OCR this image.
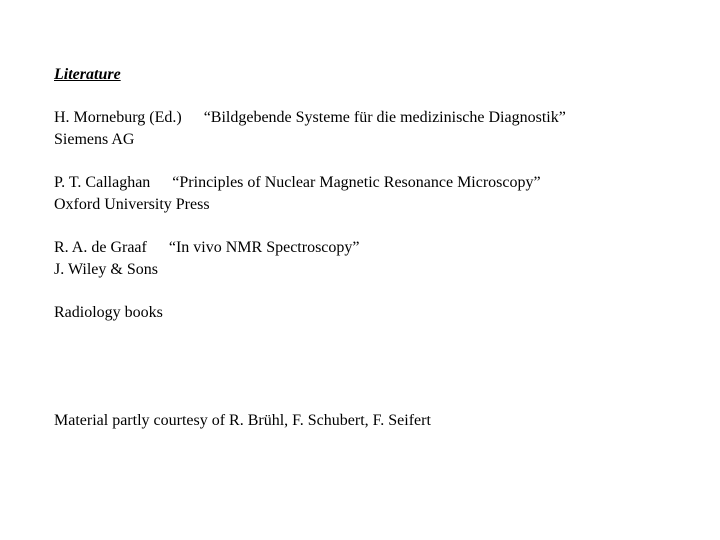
Literature
H. Morneburg (Ed.) “Bildgebende Systeme für die medizinische Diagnostik”
Siemens AG
P. T. Callaghan “Principles of Nuclear Magnetic Resonance Microscopy”
Oxford University Press
R. A. de Graaf “In vivo NMR Spectroscopy”
J. Wiley & Sons
Radiology books
Material partly courtesy of R. Brühl, F. Schubert, F. Seifert
